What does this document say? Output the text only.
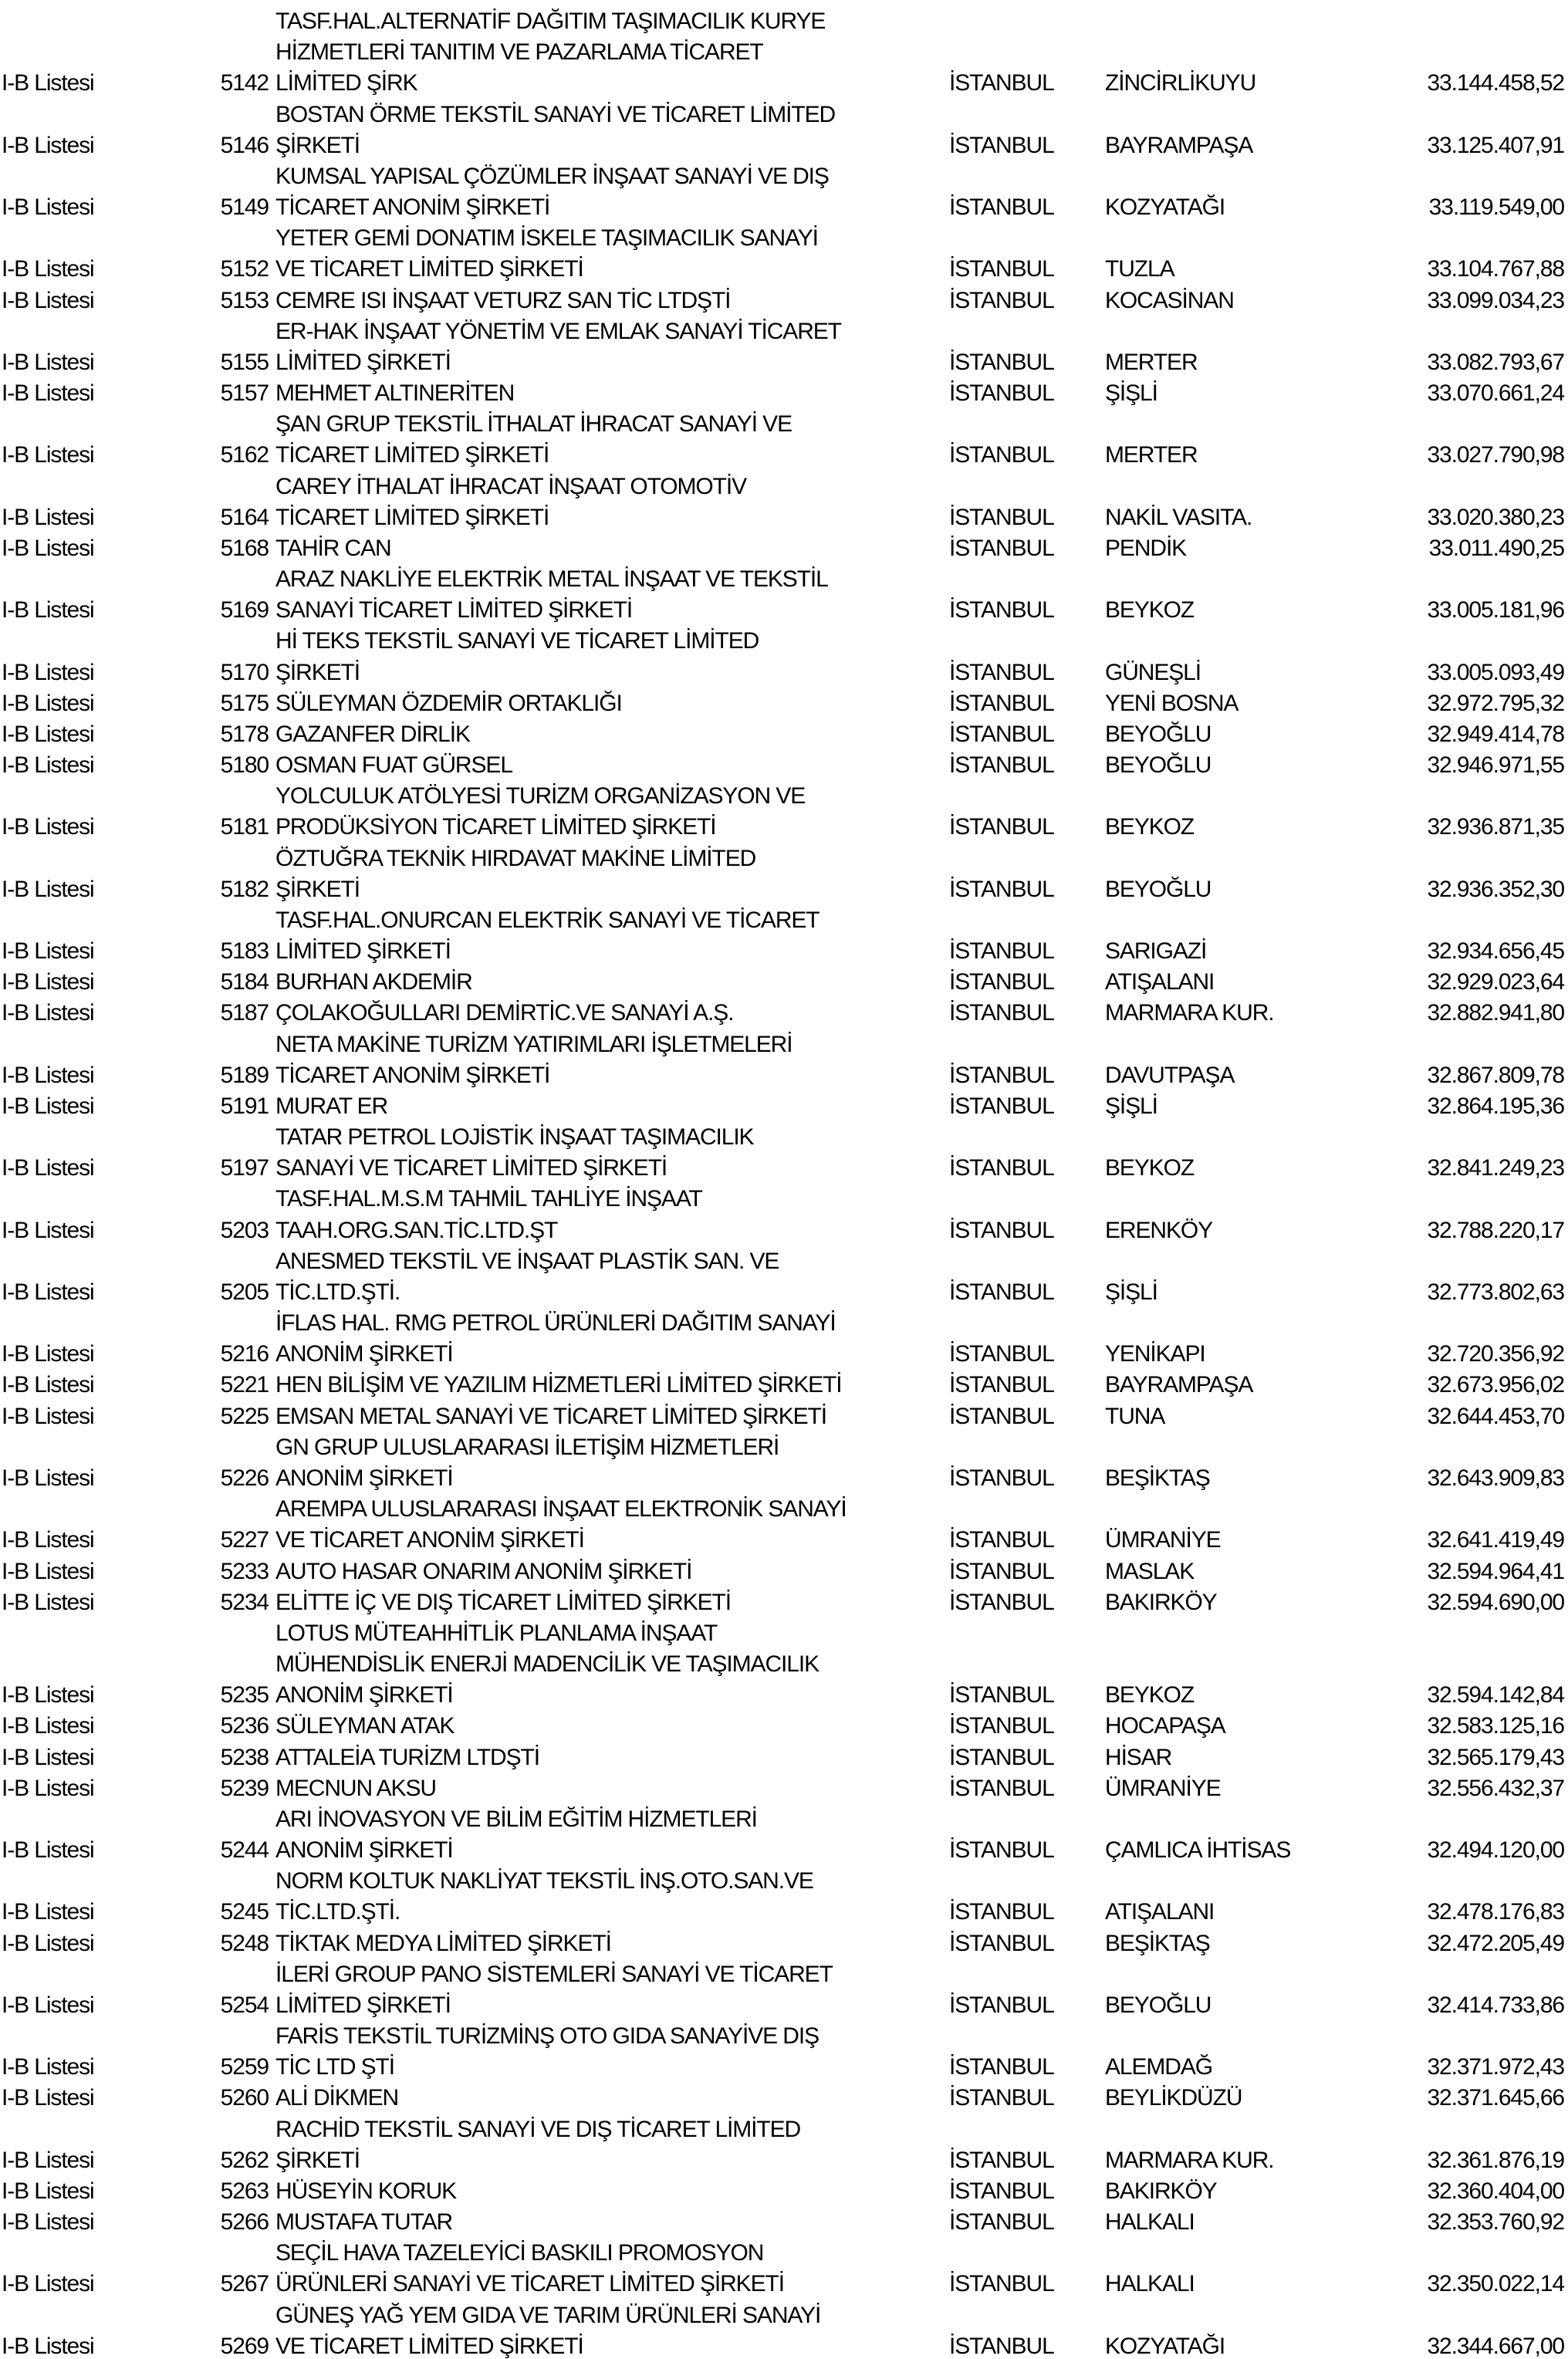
TASF.HAL.ALTERNATİF DAĞITIM TAŞIMACILIK KURYE
HİZMETLERİ TANITIM VE PAZARLAMA TİCARET
I-B Listesi	5142 LİMİTED ŞİRK	İSTANBUL ZİNCİRLİKUYU	33.144.458,52
BOSTAN ÖRME TEKSTİL SANAYİ VE TİCARET LİMİTED
I-B Listesi	5146 ŞİRKETİ	İSTANBUL BAYRAMPAŞA	33.125.407,91
KUMSAL YAPISAL ÇÖZÜMLER İNŞAAT SANAYİ VE DIŞ
I-B Listesi	5149 TİCARET ANONİM ŞİRKETİ	İSTANBUL KOZYATAĞI	33.119.549,00
YETER GEMİ DONATIM İSKELE TAŞIMACILIK SANAYİ
I-B Listesi	5152 VE TİCARET LİMİTED ŞİRKETİ	İSTANBUL TUZLA	33.104.767,88
I-B Listesi	5153 CEMRE ISI İNŞAAT VETURZ SAN TİC LTDŞTİ	İSTANBUL KOCASİNAN	33.099.034,23
ER-HAK İNŞAAT YÖNETİM VE EMLAK SANAYİ TİCARET
I-B Listesi	5155 LİMİTED ŞİRKETİ	İSTANBUL MERTER	33.082.793,67
I-B Listesi	5157 MEHMET ALTINERİTEN	İSTANBUL ŞİŞLİ	33.070.661,24
ŞAN GRUP TEKSTİL İTHALAT İHRACAT SANAYİ VE
I-B Listesi	5162 TİCARET LİMİTED ŞİRKETİ	İSTANBUL MERTER	33.027.790,98
CAREY İTHALAT İHRACAT İNŞAAT OTOMOTİV
I-B Listesi	5164 TİCARET LİMİTED ŞİRKETİ	İSTANBUL NAKİL VASITA.	33.020.380,23
I-B Listesi	5168 TAHİR CAN	İSTANBUL PENDİK	33.011.490,25
ARAZ NAKLİYE ELEKTRİK METAL İNŞAAT VE TEKSTİL
I-B Listesi	5169 SANAYİ TİCARET LİMİTED ŞİRKETİ	İSTANBUL BEYKOZ	33.005.181,96
Hİ TEKS TEKSTİL SANAYİ VE TİCARET LİMİTED
I-B Listesi	5170 ŞİRKETİ	İSTANBUL GÜNEŞLİ	33.005.093,49
I-B Listesi	5175 SÜLEYMAN ÖZDEMİR ORTAKLIĞI	İSTANBUL YENİ BOSNA	32.972.795,32
I-B Listesi	5178 GAZANFER DİRLİK	İSTANBUL BEYOĞLU	32.949.414,78
I-B Listesi	5180 OSMAN FUAT GÜRSEL	İSTANBUL BEYOĞLU	32.946.971,55
YOLCULUK ATÖLYESİ TURİZM ORGANİZASYON VE
I-B Listesi	5181 PRODÜKSİYON TİCARET LİMİTED ŞİRKETİ	İSTANBUL BEYKOZ	32.936.871,35
ÖZTUĞRA TEKNİK HIRDAVAT MAKİNE LİMİTED
I-B Listesi	5182 ŞİRKETİ	İSTANBUL BEYOĞLU	32.936.352,30
TASF.HAL.ONURCAN ELEKTRİK SANAYİ VE TİCARET
I-B Listesi	5183 LİMİTED ŞİRKETİ	İSTANBUL SARIGAZİ	32.934.656,45
I-B Listesi	5184 BURHAN AKDEMİR	İSTANBUL ATIŞALANI	32.929.023,64
I-B Listesi	5187 ÇOLAKOĞULLARI DEMİRTİC.VE SANAYİ A.Ş.	İSTANBUL MARMARA KUR.	32.882.941,80
NETA MAKİNE TURİZM YATIRIMLARI İŞLETMELERİ
I-B Listesi	5189 TİCARET ANONİM ŞİRKETİ	İSTANBUL DAVUTPAŞA	32.867.809,78
I-B Listesi	5191 MURAT ER	İSTANBUL ŞİŞLİ	32.864.195,36
TATAR PETROL LOJİSTİK İNŞAAT TAŞIMACILIK
I-B Listesi	5197 SANAYİ VE TİCARET LİMİTED ŞİRKETİ	İSTANBUL BEYKOZ	32.841.249,23
TASF.HAL.M.S.M TAHMİL TAHLİYE İNŞAAT
I-B Listesi	5203 TAAH.ORG.SAN.TİC.LTD.ŞT	İSTANBUL ERENKÖY	32.788.220,17
ANESMED TEKSTİL VE İNŞAAT PLASTİK SAN. VE
I-B Listesi	5205 TİC.LTD.ŞTİ.	İSTANBUL ŞİŞLİ	32.773.802,63
İFLAS HAL. RMG PETROL ÜRÜNLERİ DAĞITIM SANAYİ
I-B Listesi	5216 ANONİM ŞİRKETİ	İSTANBUL YENİKAPI	32.720.356,92
I-B Listesi	5221 HEN BİLİŞİM VE YAZILIM HİZMETLERİ LİMİTED ŞİRKETİ	İSTANBUL BAYRAMPAŞA	32.673.956,02
I-B Listesi	5225 EMSAN METAL SANAYİ VE TİCARET LİMİTED ŞİRKETİ	İSTANBUL TUNA	32.644.453,70
GN GRUP ULUSLARARASI İLETİŞİM HİZMETLERİ
I-B Listesi	5226 ANONİM ŞİRKETİ	İSTANBUL BEŞİKTAŞ	32.643.909,83
AREMPA ULUSLARARASI İNŞAAT ELEKTRONİK SANAYİ
I-B Listesi	5227 VE TİCARET ANONİM ŞİRKETİ	İSTANBUL ÜMRANİYE	32.641.419,49
I-B Listesi	5233 AUTO HASAR ONARIM ANONİM ŞİRKETİ	İSTANBUL MASLAK	32.594.964,41
I-B Listesi	5234 ELİTTE İÇ VE DIŞ TİCARET LİMİTED ŞİRKETİ	İSTANBUL BAKIRKÖY	32.594.690,00
LOTUS MÜTEAHHİTLİK PLANLAMA İNŞAAT
MÜHENDİSLİK ENERJİ MADENCİLİK VE TAŞIMACILIK
I-B Listesi	5235 ANONİM ŞİRKETİ	İSTANBUL BEYKOZ	32.594.142,84
I-B Listesi	5236 SÜLEYMAN ATAK	İSTANBUL HOCAPAŞA	32.583.125,16
I-B Listesi	5238 ATTALEİA TURİZM LTDŞTİ	İSTANBUL HİSAR	32.565.179,43
I-B Listesi	5239 MECNUN AKSU	İSTANBUL ÜMRANİYE	32.556.432,37
ARI İNOVASYON VE BİLİM EĞİTİM HİZMETLERİ
I-B Listesi	5244 ANONİM ŞİRKETİ	İSTANBUL ÇAMLICA İHTİSAS	32.494.120,00
NORM KOLTUK NAKLİYAT TEKSTİL İNŞ.OTO.SAN.VE
I-B Listesi	5245 TİC.LTD.ŞTİ.	İSTANBUL ATIŞALANI	32.478.176,83
I-B Listesi	5248 TİKTAK MEDYA LİMİTED ŞİRKETİ	İSTANBUL BEŞİKTAŞ	32.472.205,49
İLERİ GROUP PANO SİSTEMLERİ SANAYİ VE TİCARET
I-B Listesi	5254 LİMİTED ŞİRKETİ	İSTANBUL BEYOĞLU	32.414.733,86
FARİS TEKSTİL TURİZMİNŞ OTO GIDA SANAYİVE DIŞ
I-B Listesi	5259 TİC LTD ŞTİ	İSTANBUL ALEMDAĞ	32.371.972,43
I-B Listesi	5260 ALİ DİKMEN	İSTANBUL BEYLİKDÜZÜ	32.371.645,66
RACHİD TEKSTİL SANAYİ VE DIŞ TİCARET LİMİTED
I-B Listesi	5262 ŞİRKETİ	İSTANBUL MARMARA KUR.	32.361.876,19
I-B Listesi	5263 HÜSEYİN KORUK	İSTANBUL BAKIRKÖY	32.360.404,00
I-B Listesi	5266 MUSTAFA TUTAR	İSTANBUL HALKALI	32.353.760,92
SEÇİL HAVA TAZELEYİCİ BASKILI PROMOSYON
I-B Listesi	5267 ÜRÜNLERİ SANAYİ VE TİCARET LİMİTED ŞİRKETİ	İSTANBUL HALKALI	32.350.022,14
GÜNEŞ YAĞ YEM GIDA VE TARIM ÜRÜNLERİ SANAYİ
I-B Listesi	5269 VE TİCARET LİMİTED ŞİRKETİ	İSTANBUL KOZYATAĞI	32.344.667,00
